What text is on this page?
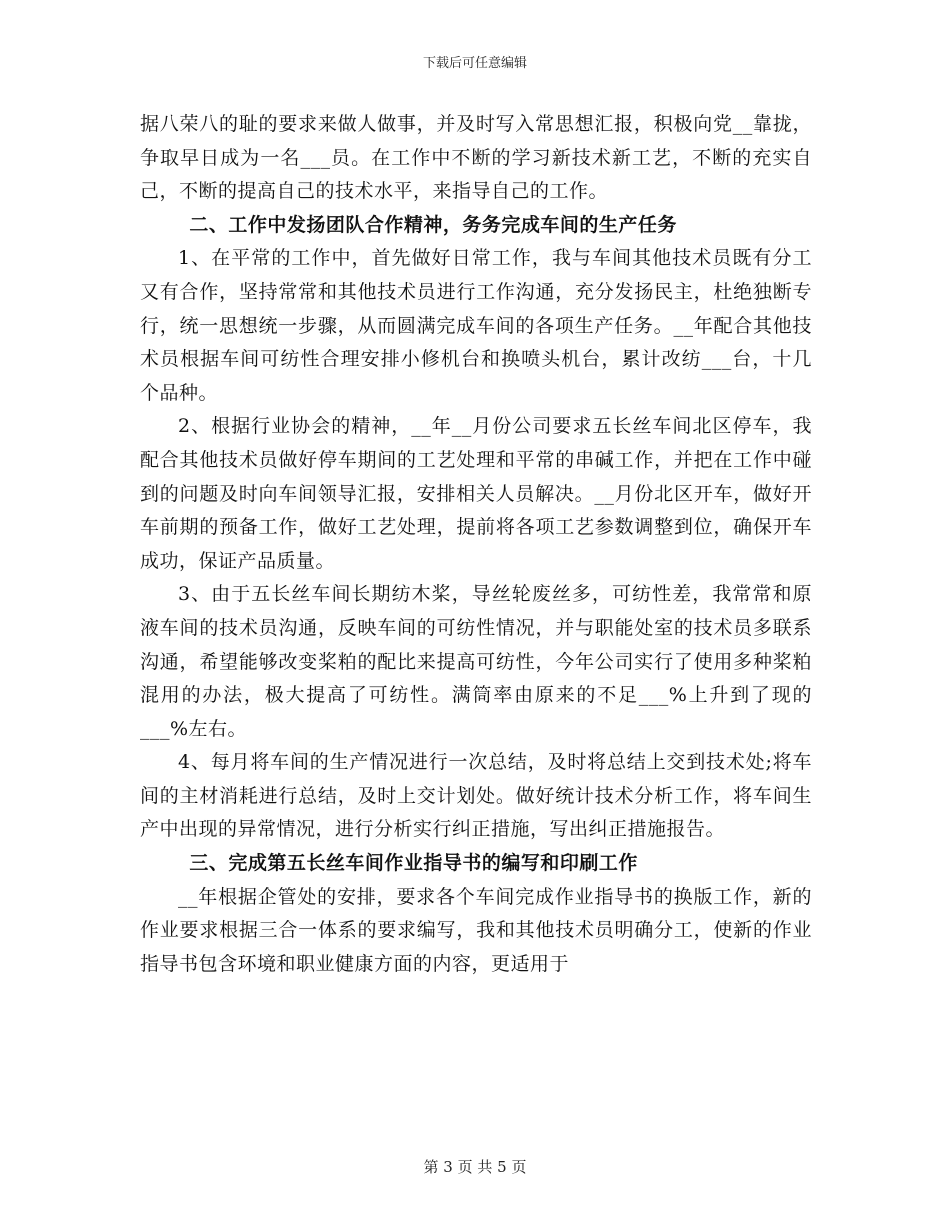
下载后可任意编辑

据八荣八的耻的要求来做人做事，并及时写入常思想汇报，积极向党__靠拢，争取早日成为一名___员。在工作中不断的学习新技术新工艺，不断的充实自己，不断的提高自己的技术水平，来指导自己的工作。

二、工作中发扬团队合作精神，务务完成车间的生产任务

1、在平常的工作中，首先做好日常工作，我与车间其他技术员既有分工又有合作，坚持常常和其他技术员进行工作沟通，充分发扬民主，杜绝独断专行，统一思想统一步骤，从而圆满完成车间的各项生产任务。__年配合其他技术员根据车间可纺性合理安排小修机台和换喷头机台，累计改纺___台，十几个品种。

2、根据行业协会的精神，__年__月份公司要求五长丝车间北区停车，我配合其他技术员做好停车期间的工艺处理和平常的串碱工作，并把在工作中碰到的问题及时向车间领导汇报，安排相关人员解决。__月份北区开车，做好开车前期的预备工作，做好工艺处理，提前将各项工艺参数调整到位，确保开车成功，保证产品质量。

3、由于五长丝车间长期纺木桨，导丝轮废丝多，可纺性差，我常常和原液车间的技术员沟通，反映车间的可纺性情况，并与职能处室的技术员多联系沟通，希望能够改变桨粕的配比来提高可纺性，今年公司实行了使用多种桨粕混用的办法，极大提高了可纺性。满筒率由原来的不足___%上升到了现的___%左右。

4、每月将车间的生产情况进行一次总结，及时将总结上交到技术处;将车间的主材消耗进行总结，及时上交计划处。做好统计技术分析工作，将车间生产中出现的异常情况，进行分析实行纠正措施，写出纠正措施报告。

三、完成第五长丝车间作业指导书的编写和印刷工作

__年根据企管处的安排，要求各个车间完成作业指导书的换版工作，新的作业要求根据三合一体系的要求编写，我和其他技术员明确分工，使新的作业指导书包含环境和职业健康方面的内容，更适用于

第 3 页 共 5 页
